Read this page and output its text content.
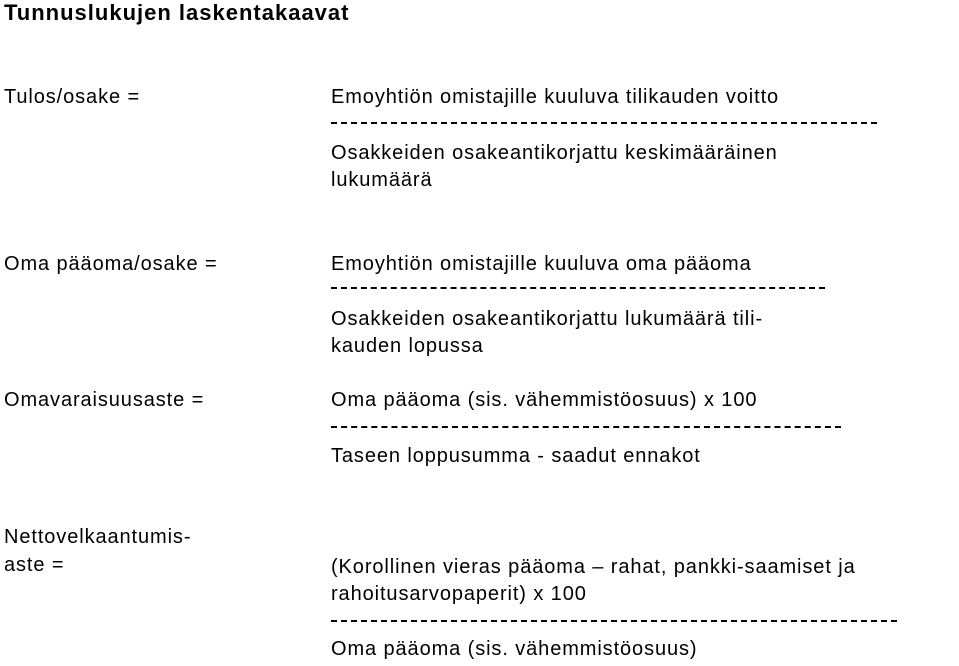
Tunnuslukujen laskentakaavat
Tulos/osake =	Emoyhtiön omistajille kuuluva tilikauden voitto
Osakkeiden osakeantikorjattu keskimääräinen
lukumäärä
Oma pääoma/osake =	Emoyhtiön omistajille kuuluva oma pääoma
Osakkeiden osakeantikorjattu lukumäärä tili-
kauden lopussa
Omavaraisuusaste =	Oma pääoma (sis. vähemmistöosuus) x 100
Taseen loppusumma - saadut ennakot
Nettovelkaantumis-
aste =	(Korollinen vieras pääoma – rahat, pankki-saamiset ja
rahoitusarvopaperit) x 100
Oma pääoma (sis. vähemmistöosuus)
